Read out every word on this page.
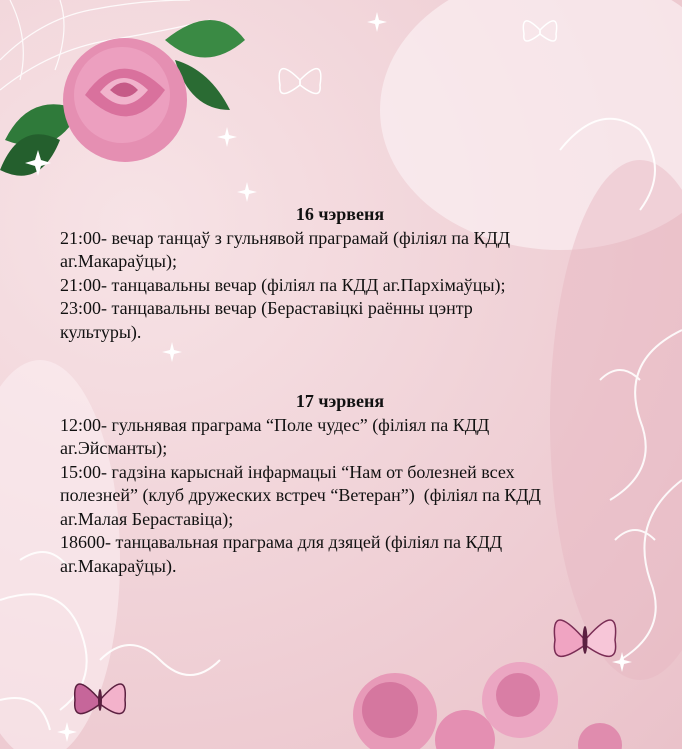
16 чэрвеня

21:00- вечар танцаў з гульнявой праграмай (філіял па КДД

аг.Макараўцы);

21:00- танцавальны вечар (філіял па КДД аг.Пархімаўцы);

23:00- танцавальны вечар (Бераставіцкі раённы цэнтр

культуры).

17 чэрвеня

12:00- гульнявая праграма “Поле чудес” (філіял па КДД

аг.Эйсманты);

15:00- гадзіна карыснай інфармацыі “Нам от болезней всех

полезней” (клуб дружеских встреч “Ветеран”)  (філіял па КДД

аг.Малая Бераставіца);

18600- танцавальная праграма для дзяцей (філіял па КДД

аг.Макараўцы).
